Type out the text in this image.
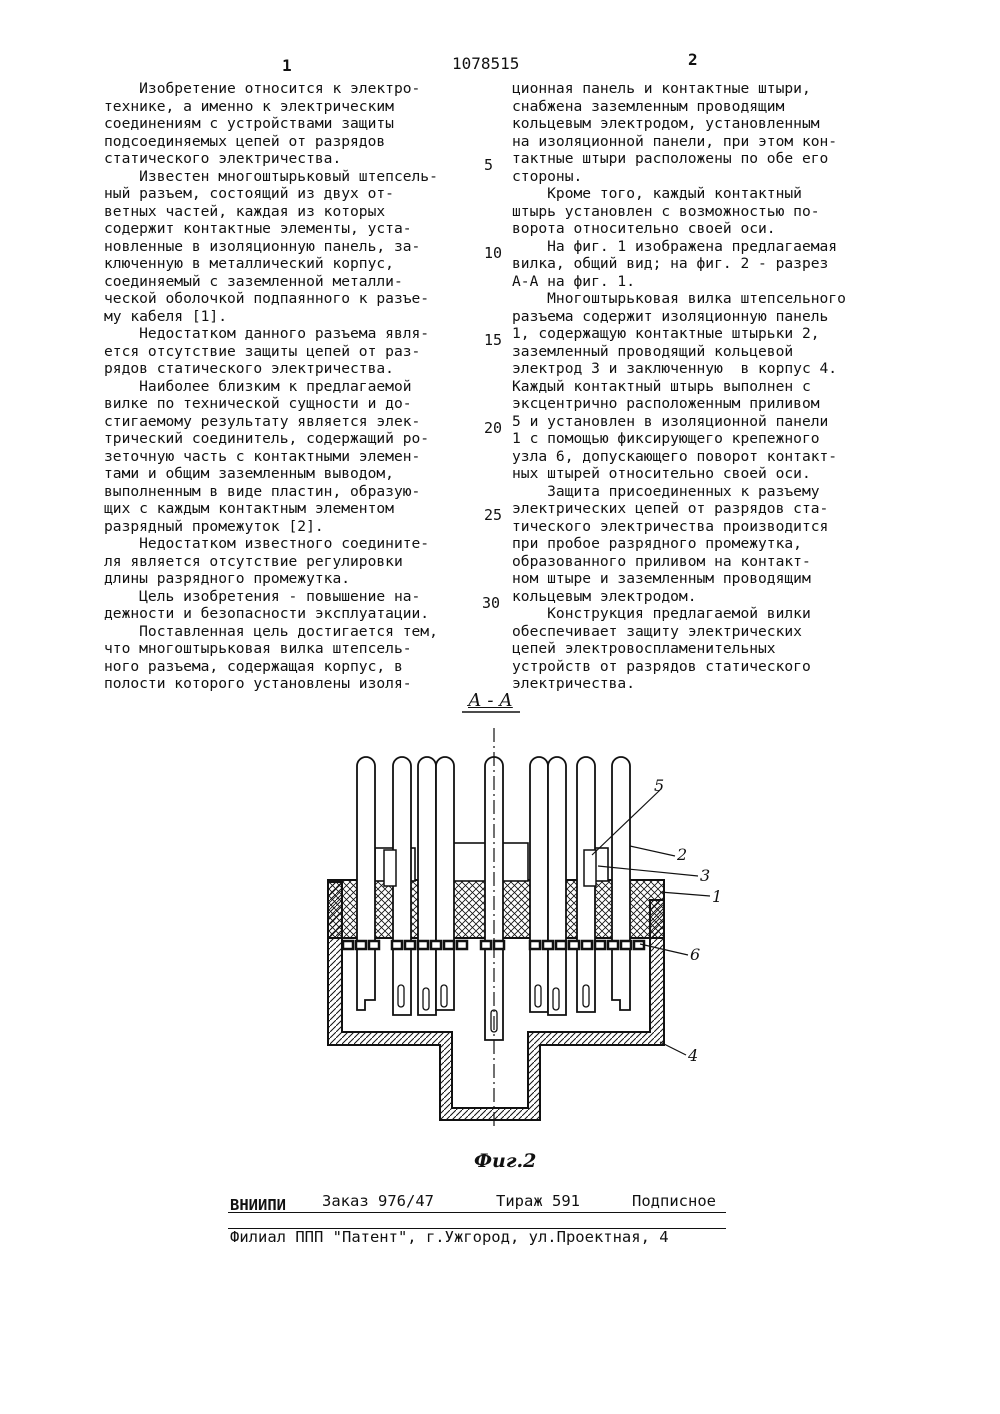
1	1078515	2
Изобретение относится к электро-
технике, а именно к электрическим
соединениям с устройствами защиты
подсоединяемых цепей от разрядов
статического электричества.
Известен многоштырьковый штепсель-
ный разъем, состоящий из двух от-
ветных частей, каждая из которых
содержит контактные элементы, уста-
новленные в изоляционную панель, за-
ключенную в металлический корпус,
соединяемый с заземленной металли-
ческой оболочкой подпаянного к разъе-
му кабеля [1].
Недостатком данного разъема явля-
ется отсутствие защиты цепей от раз-
рядов статического электричества.
Наиболее близким к предлагаемой
вилке по технической сущности и до-
стигаемому результату является элек-
трический соединитель, содержащий ро-
зеточную часть с контактными элемен-
тами и общим заземленным выводом,
выполненным в виде пластин, образую-
щих с каждым контактным элементом
разрядный промежуток [2].
Недостатком известного соедините-
ля является отсутствие регулировки
длины разрядного промежутка.
Цель изобретения - повышение на-
дежности и безопасности эксплуатации.
Поставленная цель достигается тем,
что многоштырьковая вилка штепсель-
ного разъема, содержащая корпус, в
полости которого установлены изоля-
5
10
15
20
25
30
ционная панель и контактные штыри,
снабжена заземленным проводящим
кольцевым электродом, установленным
на изоляционной панели, при этом кон-
тактные штыри расположены по обе его
стороны.
Кроме того, каждый контактный
штырь установлен с возможностью по-
ворота относительно своей оси.
На фиг. 1 изображена предлагаемая
вилка, общий вид; на фиг. 2 - разрез
А-А на фиг. 1.
Многоштырьковая вилка штепсельного
разъема содержит изоляционную панель
1, содержащую контактные штырьки 2,
заземленный проводящий кольцевой
электрод 3 и заключенную  в корпус 4.
Каждый контактный штырь выполнен с
эксцентрично расположенным приливом
5 и установлен в изоляционной панели
1 с помощью фиксирующего крепежного
узла 6, допускающего поворот контакт-
ных штырей относительно своей оси.
Защита присоединенных к разъему
электрических цепей от разрядов ста-
тического электричества производится
при пробое разрядного промежутка,
образованного приливом на контакт-
ном штыре и заземленным проводящим
кольцевым электродом.
Конструкция предлагаемой вилки
обеспечивает защиту электрических
цепей электровоспламенительных
устройств от разрядов статического
электричества.
А - А
Фиг.2
5
2
3
1
6
4
ВНИИПИ Заказ 976/47	Тираж 591	Подписное
Филиал ППП "Патент", г.Ужгород, ул.Проектная, 4
